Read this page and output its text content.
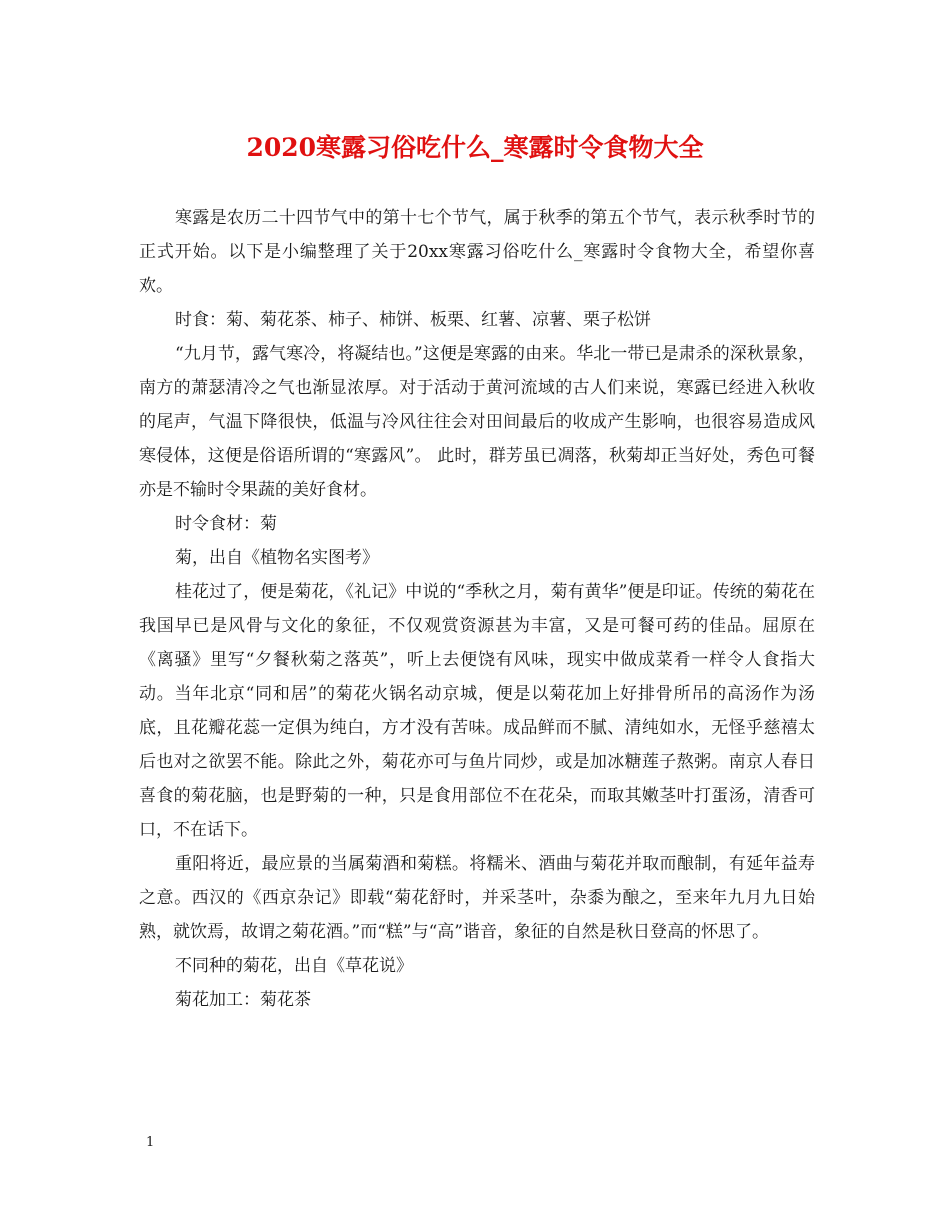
2020寒露习俗吃什么_寒露时令食物大全

寒露是农历二十四节气中的第十七个节气，属于秋季的第五个节气，表示秋季时节的正式开始。以下是小编整理了关于20xx寒露习俗吃什么_寒露时令食物大全，希望你喜欢。

时食：菊、菊花茶、柿子、柿饼、板栗、红薯、凉薯、栗子松饼

“九月节，露气寒冷，将凝结也。”这便是寒露的由来。华北一带已是肃杀的深秋景象，南方的萧瑟清冷之气也渐显浓厚。对于活动于黄河流域的古人们来说，寒露已经进入秋收的尾声，气温下降很快，低温与冷风往往会对田间最后的收成产生影响，也很容易造成风寒侵体，这便是俗语所谓的“寒露风”。 此时，群芳虽已凋落，秋菊却正当好处，秀色可餐亦是不输时令果蔬的美好食材。

时令食材：菊

菊，出自《植物名实图考》

桂花过了，便是菊花，《礼记》中说的“季秋之月，菊有黄华”便是印证。传统的菊花在我国早已是风骨与文化的象征，不仅观赏资源甚为丰富，又是可餐可药的佳品。屈原在《离骚》里写“夕餐秋菊之落英”，听上去便饶有风味，现实中做成菜肴一样令人食指大动。当年北京“同和居”的菊花火锅名动京城，便是以菊花加上好排骨所吊的高汤作为汤底，且花瓣花蕊一定俱为纯白，方才没有苦味。成品鲜而不腻、清纯如水，无怪乎慈禧太后也对之欲罢不能。除此之外，菊花亦可与鱼片同炒，或是加冰糖莲子熬粥。南京人春日喜食的菊花脑，也是野菊的一种，只是食用部位不在花朵，而取其嫩茎叶打蛋汤，清香可口，不在话下。

重阳将近，最应景的当属菊酒和菊糕。将糯米、酒曲与菊花并取而酿制，有延年益寿之意。西汉的《西京杂记》即载“菊花舒时，并采茎叶，杂黍为酿之，至来年九月九日始熟，就饮焉，故谓之菊花酒。”而“糕”与“高”谐音，象征的自然是秋日登高的怀思了。

不同种的菊花，出自《草花说》

菊花加工：菊花茶

1
